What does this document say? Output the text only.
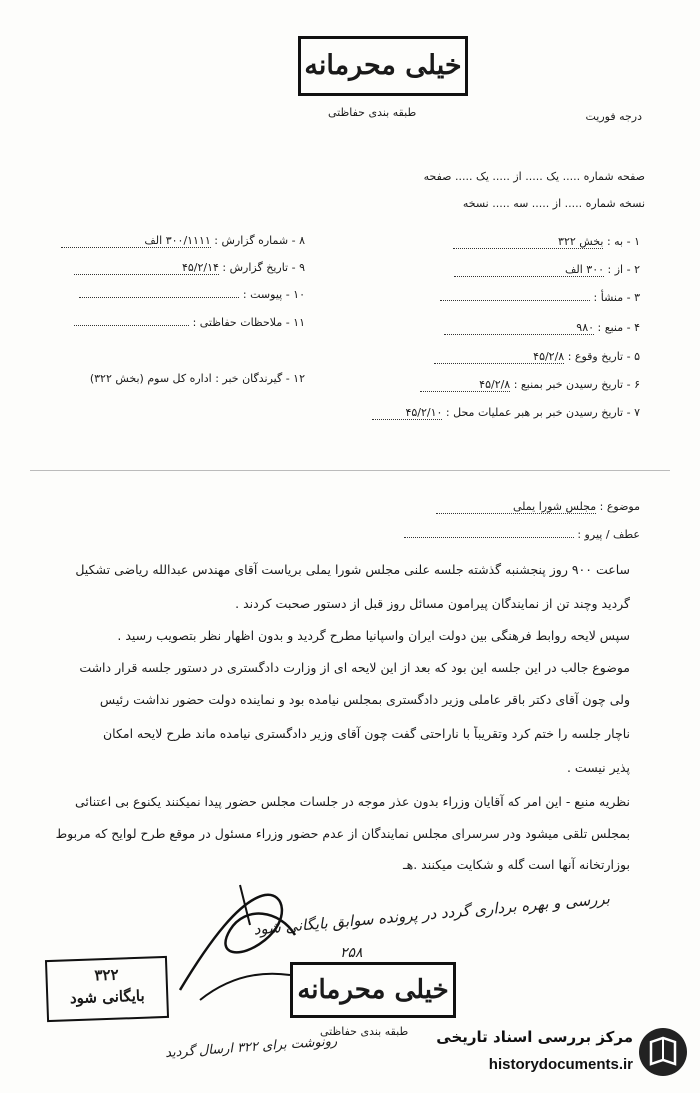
خیلی محرمانه
طبقه بندی حفاظتی	درجه فوریت
صفحه شماره ..... یک ..... از ..... یک ..... صفحه
نسخه شماره ..... از ..... سه ..... نسخه
۱ - به : بخش ۳۲۲
۲ - از : ۳۰۰ الف
۳ - منشأ :
۴ - منبع : ۹۸۰
۵ - تاریخ وقوع : ۴۵/۲/۸
۶ - تاریخ رسیدن خبر بمنبع : ۴۵/۲/۸
۷ - تاریخ رسیدن خبر بر هبر عملیات محل : ۴۵/۲/۱۰
۸ - شماره گزارش : ۳۰۰/۱۱۱۱ الف
۹ - تاریخ گزارش : ۴۵/۲/۱۴
۱۰ - پیوست :
۱۱ - ملاحظات حفاظتی :
۱۲ - گیرندگان خبر : اداره کل سوم (بخش ۳۲۲)
موضوع : مجلس شورا یملی
عطف / پیرو :
ساعت ۹۰۰ روز پنجشنبه گذشته جلسه علنی مجلس شورا یملی بریاست آقای مهندس عبدالله ریاضی تشکیل
گردید وچند تن از نمایندگان پیرامون مسائل روز قبل از دستور صحبت کردند .
سپس لایحه روابط فرهنگی بین دولت ایران واسپانیا مطرح گردید و بدون اظهار نظر بتصویب رسید .
موضوع جالب در این جلسه این بود که بعد از این لایحه ای از وزارت دادگستری در دستور جلسه قرار داشت
ولی چون آقای دکتر باقر عاملی وزیر دادگستری بمجلس نیامده بود و نماینده دولت حضور نداشت رئیس
ناچار جلسه را ختم کرد وتقریباً با ناراحتی گفت چون آقای وزیر دادگستری نیامده ماند طرح لایحه امکان
پذیر نیست .
نظریه منبع - این امر که آقایان وزراء بدون عذر موجه در جلسات مجلس حضور پیدا نمیکنند یکنوع بی اعتنائی
بمجلس تلقی میشود ودر سرسرای مجلس نمایندگان از عدم حضور وزراء مسئول در موقع طرح لوایح که مربوط
بوزارتخانه آنها است گله و شکایت میکنند .هـ
بررسی و بهره برداری گردد در پرونده سوابق بایگانی شود
۲۵۸
رونوشت برای ۳۲۲ ارسال گردید
۳۲۲
بایگانی شود	خیلی محرمانه
طبقه بندی حفاظتی مرکز بررسی اسناد تاریخی
historydocuments.ir
